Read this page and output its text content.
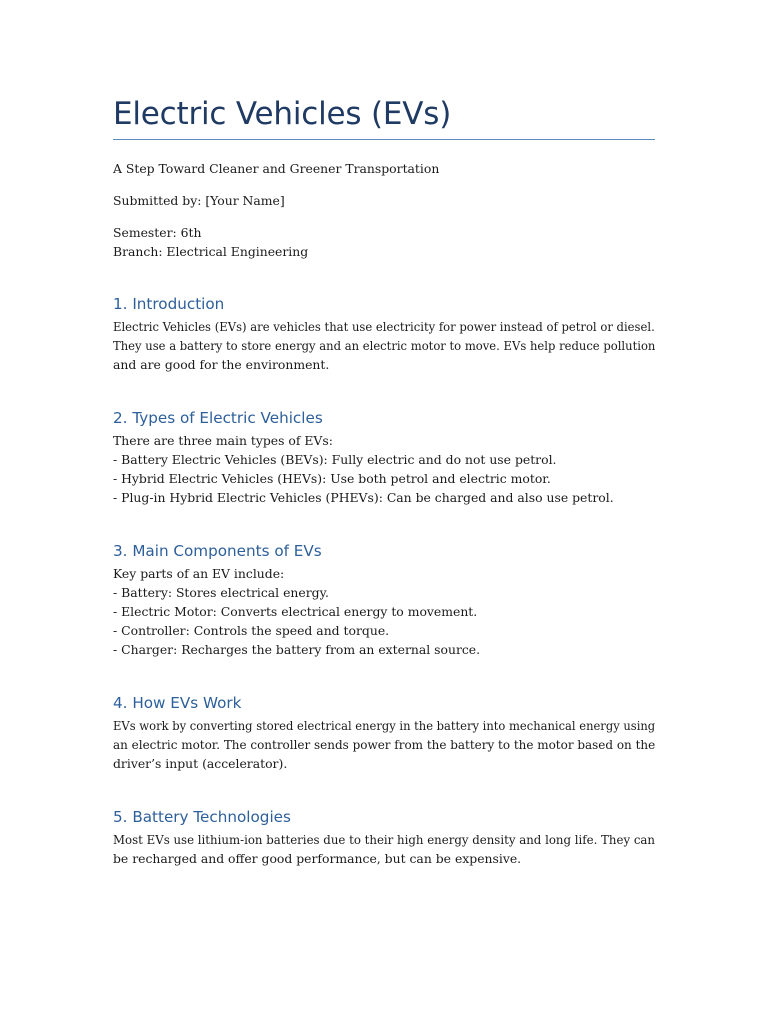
Electric Vehicles (EVs)

A Step Toward Cleaner and Greener Transportation

Submitted by: [Your Name]

Semester: 6th

Branch: Electrical Engineering

1. Introduction

Electric Vehicles (EVs) are vehicles that use electricity for power instead of petrol or diesel.

They use a battery to store energy and an electric motor to move. EVs help reduce pollution

and are good for the environment.

2. Types of Electric Vehicles

There are three main types of EVs:

- Battery Electric Vehicles (BEVs): Fully electric and do not use petrol.

- Hybrid Electric Vehicles (HEVs): Use both petrol and electric motor.

- Plug-in Hybrid Electric Vehicles (PHEVs): Can be charged and also use petrol.

3. Main Components of EVs

Key parts of an EV include:

- Battery: Stores electrical energy.

- Electric Motor: Converts electrical energy to movement.

- Controller: Controls the speed and torque.

- Charger: Recharges the battery from an external source.

4. How EVs Work

EVs work by converting stored electrical energy in the battery into mechanical energy using

an electric motor. The controller sends power from the battery to the motor based on the

driver’s input (accelerator).

5. Battery Technologies

Most EVs use lithium-ion batteries due to their high energy density and long life. They can

be recharged and offer good performance, but can be expensive.
